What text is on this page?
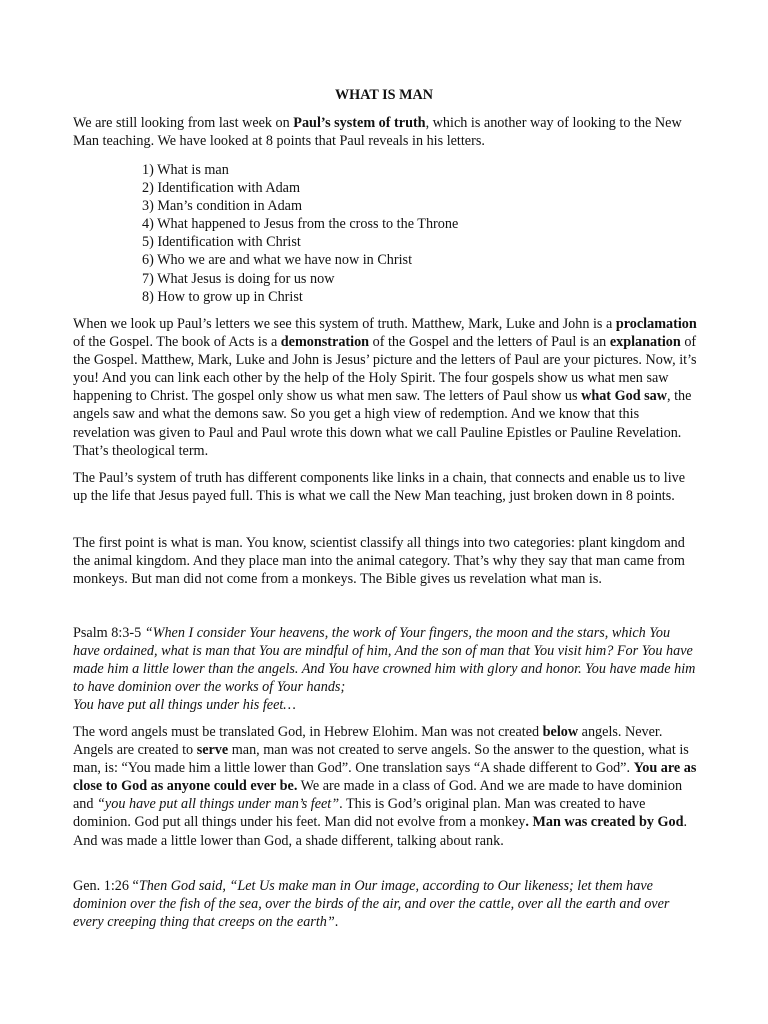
WHAT IS MAN

We are still looking from last week on Paul’s system of truth, which is another way of looking to the New Man teaching. We have looked at 8 points that Paul reveals in his letters.

1) What is man
2) Identification with Adam
3) Man’s condition in Adam
4) What happened to Jesus from the cross to the Throne
5) Identification with Christ
6) Who we are and what we have now in Christ
7) What Jesus is doing for us now
8) How to grow up in Christ

When we look up Paul’s letters we see this system of truth. Matthew, Mark, Luke and John is a proclamation of the Gospel. The book of Acts is a demonstration of the Gospel and the letters of Paul is an explanation of the Gospel. Matthew, Mark, Luke and John is Jesus’ picture and the letters of Paul are your pictures. Now, it’s you! And you can link each other by the help of the Holy Spirit. The four gospels show us what men saw happening to Christ. The gospel only show us what men saw. The letters of Paul show us what God saw, the angels saw and what the demons saw. So you get a high view of redemption. And we know that this revelation was given to Paul and Paul wrote this down what we call Pauline Epistles or Pauline Revelation. That’s theological term.

The Paul’s system of truth has different components like links in a chain, that connects and enable us to live up the life that Jesus payed full. This is what we call the New Man teaching, just broken down in 8 points.

The first point is what is man. You know, scientist classify all things into two categories: plant kingdom and the animal kingdom. And they place man into the animal category. That’s why they say that man came from monkeys. But man did not come from a monkeys. The Bible gives us revelation what man is.

Psalm 8:3-5 “When I consider Your heavens, the work of Your fingers, the moon and the stars, which You have ordained, what is man that You are mindful of him, And the son of man that You visit him? For You have made him a little lower than the angels. And You have crowned him with glory and honor. You have made him to have dominion over the works of Your hands;
You have put all things under his feet…

The word angels must be translated God, in Hebrew Elohim. Man was not created below angels. Never. Angels are created to serve man, man was not created to serve angels. So the answer to the question, what is man, is: “You made him a little lower than God”. One translation says “A shade different to God”. You are as close to God as anyone could ever be. We are made in a class of God. And we are made to have dominion and “you have put all things under man’s feet”. This is God’s original plan. Man was created to have dominion. God put all things under his feet. Man did not evolve from a monkey. Man was created by God. And was made a little lower than God, a shade different, talking about rank.

Gen. 1:26 “Then God said, “Let Us make man in Our image, according to Our likeness; let them have dominion over the fish of the sea, over the birds of the air, and over the cattle, over all the earth and over every creeping thing that creeps on the earth”.
